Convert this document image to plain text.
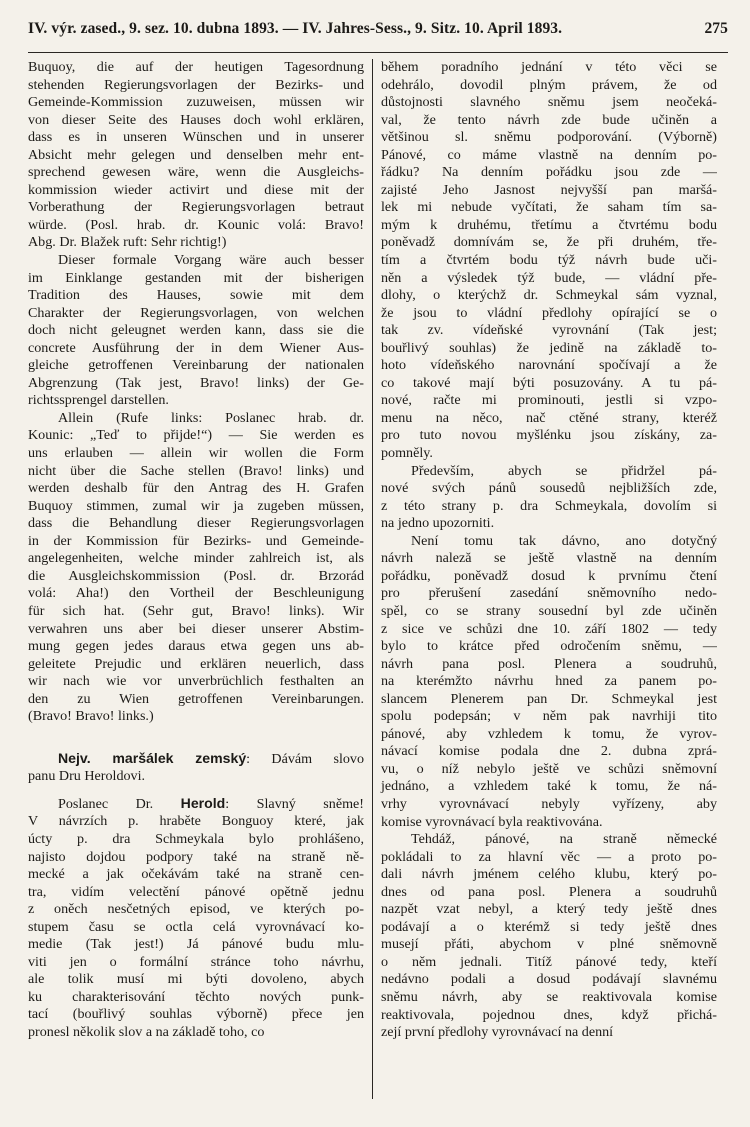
IV. výr. zased., 9. sez. 10. dubna 1893. — IV. Jahres-Sess., 9. Sitz. 10. April 1893.	275
Buquoy, die auf der heutigen Tagesordnung
stehenden Regierungsvorlagen der Bezirks- und
Gemeinde-Kommission zuzuweisen, müssen wir
von dieser Seite des Hauses doch wohl erklären,
dass es in unseren Wünschen und in unserer
Absicht mehr gelegen und denselben mehr ent-
sprechend gewesen wäre, wenn die Ausgleichs-
kommission wieder activirt und diese mit der
Vorberathung der Regierungsvorlagen betraut
würde. (Posl. hrab. dr. Kounic volá: Bravo!
Abg. Dr. Blažek ruft: Sehr richtig!)
Dieser formale Vorgang wäre auch besser
im Einklange gestanden mit der bisherigen
Tradition des Hauses, sowie mit dem
Charakter der Regierungsvorlagen, von welchen
doch nicht geleugnet werden kann, dass sie die
concrete Ausführung der in dem Wiener Aus-
gleiche getroffenen Vereinbarung der nationalen
Abgrenzung (Tak jest, Bravo! links) der Ge-
richtssprengel darstellen.
Allein (Rufe links: Poslanec hrab. dr.
Kounic: „Teď to přijde!“) — Sie werden es
uns erlauben — allein wir wollen die Form
nicht über die Sache stellen (Bravo! links) und
werden deshalb für den Antrag des H. Grafen
Buquoy stimmen, zumal wir ja zugeben müssen,
dass die Behandlung dieser Regierungsvorlagen
in der Kommission für Bezirks- und Gemeinde-
angelegenheiten, welche minder zahlreich ist, als
die Ausgleichskommission (Posl. dr. Brzorád
volá: Aha!) den Vortheil der Beschleunigung
für sich hat. (Sehr gut, Bravo! links). Wir
verwahren uns aber bei dieser unserer Abstim-
mung gegen jedes daraus etwa gegen uns ab-
geleitete Prejudic und erklären neuerlich, dass
wir nach wie vor unverbrüchlich festhalten an
den zu Wien getroffenen Vereinbarungen.
(Bravo! Bravo! links.)
Nejv. maršálek zemský: Dávám slovo
panu Dru Heroldovi.
Poslanec Dr. Herold: Slavný sněme!
V návrzích p. hraběte Bonguoy které, jak
úcty p. dra Schmeykala bylo prohlášeno,
najisto dojdou podpory také na straně ně-
mecké a jak očekávám také na straně cen-
tra, vidím velectění pánové opětně jednu
z oněch nesčetných episod, ve kterých po-
stupem času se octla celá vyrovnávací ko-
medie (Tak jest!) Já pánové budu mlu-
viti jen o formální stránce toho návrhu,
ale tolik musí mi býti dovoleno, abych
ku charakterisování těchto nových punk-
tací (bouřlivý souhlas výborně) přece jen
pronesl několik slov a na základě toho, co
během poradního jednání v této věci se
odehrálo, dovodil plným právem, že od
důstojnosti slavného sněmu jsem neočeká-
val, že tento návrh zde bude učiněn a
většinou sl. sněmu podporování. (Výborně)
Pánové, co máme vlastně na denním po-
řádku? Na denním pořádku jsou zde —
zajisté Jeho Jasnost nejvyšší pan maršá-
lek mi nebude vyčítati, že saham tím sa-
mým k druhému, třetímu a čtvrtému bodu
poněvadž domnívám se, že při druhém, tře-
tím a čtvrtém bodu týž návrh bude uči-
něn a výsledek týž bude, — vládní pře-
dlohy, o kterýchž dr. Schmeykal sám vyznal,
že jsou to vládní předlohy opírající se o
tak zv. vídeňské vyrovnání (Tak jest;
bouřlivý souhlas) že jedině na základě to-
hoto vídeňského narovnání spočívají a že
co takové mají býti posuzovány. A tu pá-
nové, račte mi prominouti, jestli si vzpo-
menu na něco, nač ctěné strany, kteréž
pro tuto novou myšlénku jsou získány, za-
pomněly.
Především, abych se přidržel pá-
nové svých pánů sousedů nejbližších zde,
z této strany p. dra Schmeykala, dovolím si
na jedno upozorniti.
Není tomu tak dávno, ano dotyčný
návrh naleză se ještě vlastně na denním
pořádku, poněvadž dosud k prvnímu čtení
pro přerušení zasedání sněmovního nedo-
spěl, co se strany sousední byl zde učiněn
z sice ve schůzi dne 10. září 1802 — tedy
bylo to krátce před odročením sněmu, —
návrh pana posl. Plenera a soudruhů,
na kterémžto návrhu hned za panem po-
slancem Plenerem pan Dr. Schmeykal jest
spolu podepsán; v něm pak navrhiji tito
pánové, aby vzhledem k tomu, že vyrov-
návací komise podala dne 2. dubna zprá-
vu, o níž nebylo ještě ve schůzi sněmovní
jednáno, a vzhledem také k tomu, že ná-
vrhy vyrovnávací nebyly vyřízeny, aby
komise vyrovnávací byla reaktivována.
Tehdáž, pánové, na straně německé
pokládali to za hlavní věc — a proto po-
dali návrh jménem celého klubu, který po-
dnes od pana posl. Plenera a soudruhů
nazpět vzat nebyl, a který tedy ještě dnes
podávají a o kterémž si tedy ještě dnes
musejí přáti, abychom v plné sněmovně
o něm jednali. Titíž pánové tedy, kteří
nedávno podali a dosud podávají slavnému
sněmu návrh, aby se reaktivovala komise
reaktivovala, pojednou dnes, když přichá-
zejí první předlohy vyrovnávací na denní
